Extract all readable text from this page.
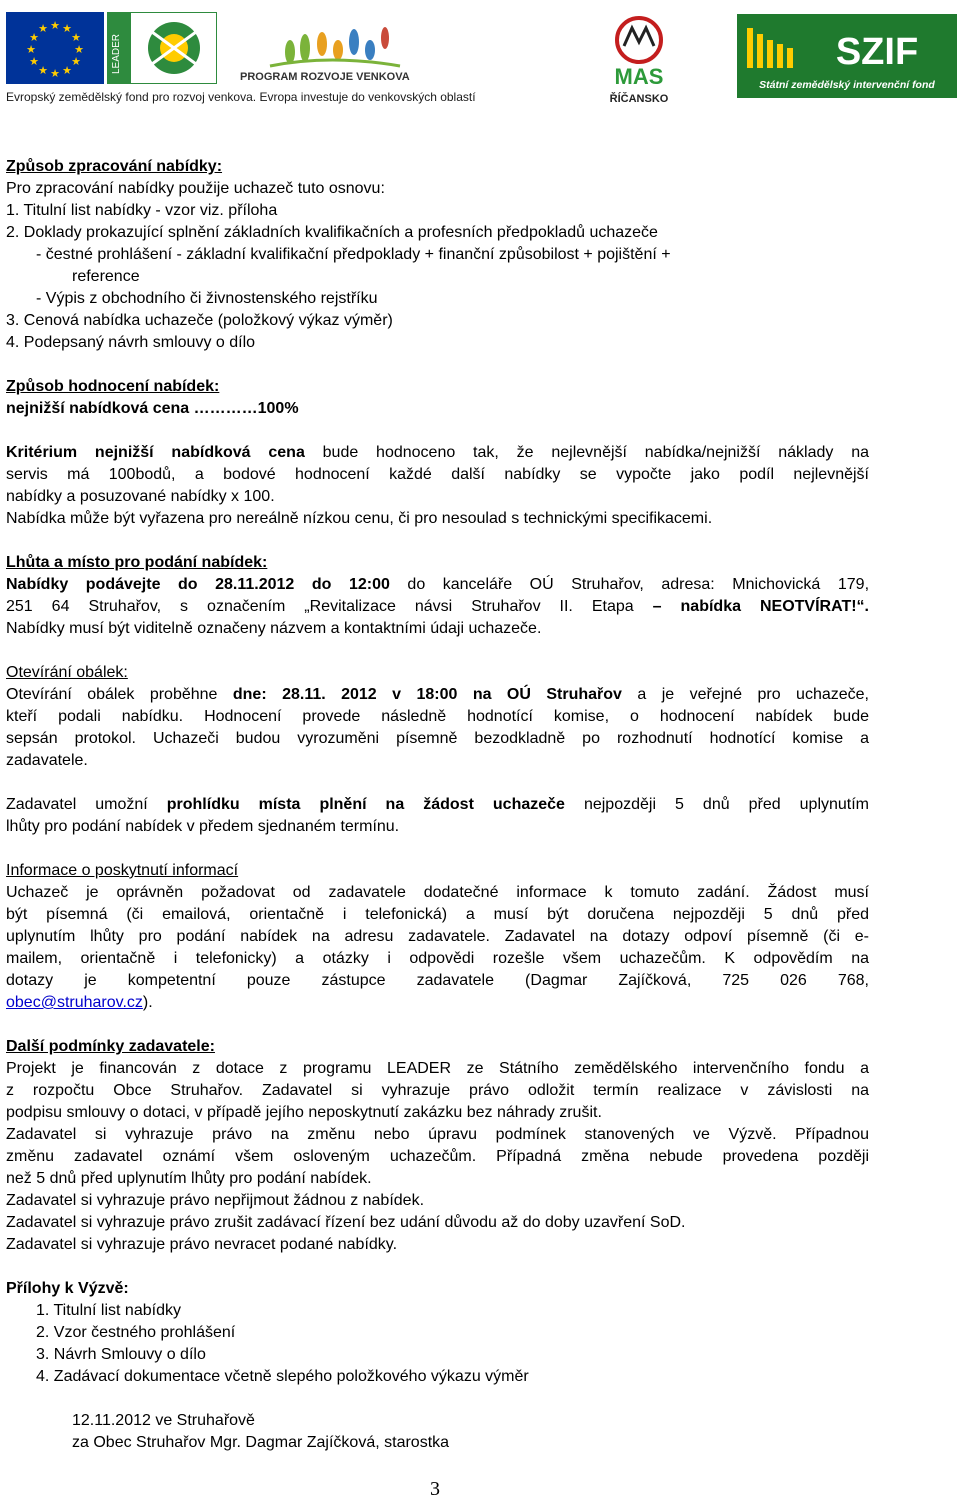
★ ★
★
★
★
★
★
★
★
★
★
★
LEADER
PROGRAM ROZVOJE VENKOVA	MAS
ŘÍČANSKO
SZIF
Státní zemědělský intervenční fond
Evropský zemědělský fond pro rozvoj venkova. Evropa investuje do venkovských oblastí
Způsob zpracování nabídky:
Pro zpracování nabídky použije uchazeč tuto osnovu:
1. Titulní list nabídky - vzor viz. příloha
2. Doklady prokazující splnění základních kvalifikačních a profesních předpokladů uchazeče
- čestné prohlášení - základní kvalifikační předpoklady + finanční způsobilost + pojištění +
reference
- Výpis z obchodního či živnostenského rejstříku
3. Cenová nabídka uchazeče (položkový výkaz výměr)
4. Podepsaný návrh smlouvy o dílo
Způsob hodnocení nabídek:
nejnižší nabídková cena …………100%
Kritérium nejnižší nabídková cena bude hodnoceno tak, že nejlevnější nabídka/nejnižší náklady na
servis má 100bodů, a bodové hodnocení každé další nabídky se vypočte jako podíl nejlevnější
nabídky a posuzované nabídky x 100.
Nabídka může být vyřazena pro nereálně nízkou cenu, či pro nesoulad s technickými specifikacemi.
Lhůta a místo pro podání nabídek:
Nabídky podávejte do 28.11.2012 do 12:00 do kanceláře OÚ Struhařov, adresa: Mnichovická 179,
251 64 Struhařov, s označením „Revitalizace návsi Struhařov II. Etapa – nabídka NEOTVÍRAT!“.
Nabídky musí být viditelně označeny názvem a kontaktními údaji uchazeče.
Otevírání obálek:
Otevírání obálek proběhne dne: 28.11. 2012 v 18:00 na OÚ Struhařov a je veřejné pro uchazeče,
kteří podali nabídku. Hodnocení provede následně hodnotící komise, o hodnocení nabídek bude
sepsán protokol. Uchazeči budou vyrozuměni písemně bezodkladně po rozhodnutí hodnotící komise a
zadavatele.
Zadavatel umožní prohlídku místa plnění na žádost uchazeče nejpozději 5 dnů před uplynutím
lhůty pro podání nabídek v předem sjednaném termínu.
Informace o poskytnutí informací
Uchazeč je oprávněn požadovat od zadavatele dodatečné informace k tomuto zadání. Žádost musí
být písemná (či emailová, orientačně i telefonická) a musí být doručena nejpozději 5 dnů před
uplynutím lhůty pro podání nabídek na adresu zadavatele. Zadavatel na dotazy odpoví písemně (či e-
mailem, orientačně i telefonicky) a otázky i odpovědi rozešle všem uchazečům. K odpovědím na
dotazy je kompetentní pouze zástupce zadavatele (Dagmar Zajíčková, 725 026 768,
obec@struharov.cz).
Další podmínky zadavatele:
Projekt je financován z dotace z programu LEADER ze Státního zemědělského intervenčního fondu a
z rozpočtu Obce Struhařov. Zadavatel si vyhrazuje právo odložit termín realizace v závislosti na
podpisu smlouvy o dotaci, v případě jejího neposkytnutí zakázku bez náhrady zrušit.
Zadavatel si vyhrazuje právo na změnu nebo úpravu podmínek stanovených ve Výzvě. Případnou
změnu zadavatel oznámí všem osloveným uchazečům. Případná změna nebude provedena později
než 5 dnů před uplynutím lhůty pro podání nabídek.
Zadavatel si vyhrazuje právo nepřijmout žádnou z nabídek.
Zadavatel si vyhrazuje právo zrušit zadávací řízení bez udání důvodu až do doby uzavření SoD.
Zadavatel si vyhrazuje právo nevracet podané nabídky.
Přílohy k Výzvě:
1. Titulní list nabídky
2. Vzor čestného prohlášení
3. Návrh Smlouvy o dílo
4. Zadávací dokumentace včetně slepého položkového výkazu výměr
12.11.2012 ve Struhařově
za Obec Struhařov Mgr. Dagmar Zajíčková, starostka
3
